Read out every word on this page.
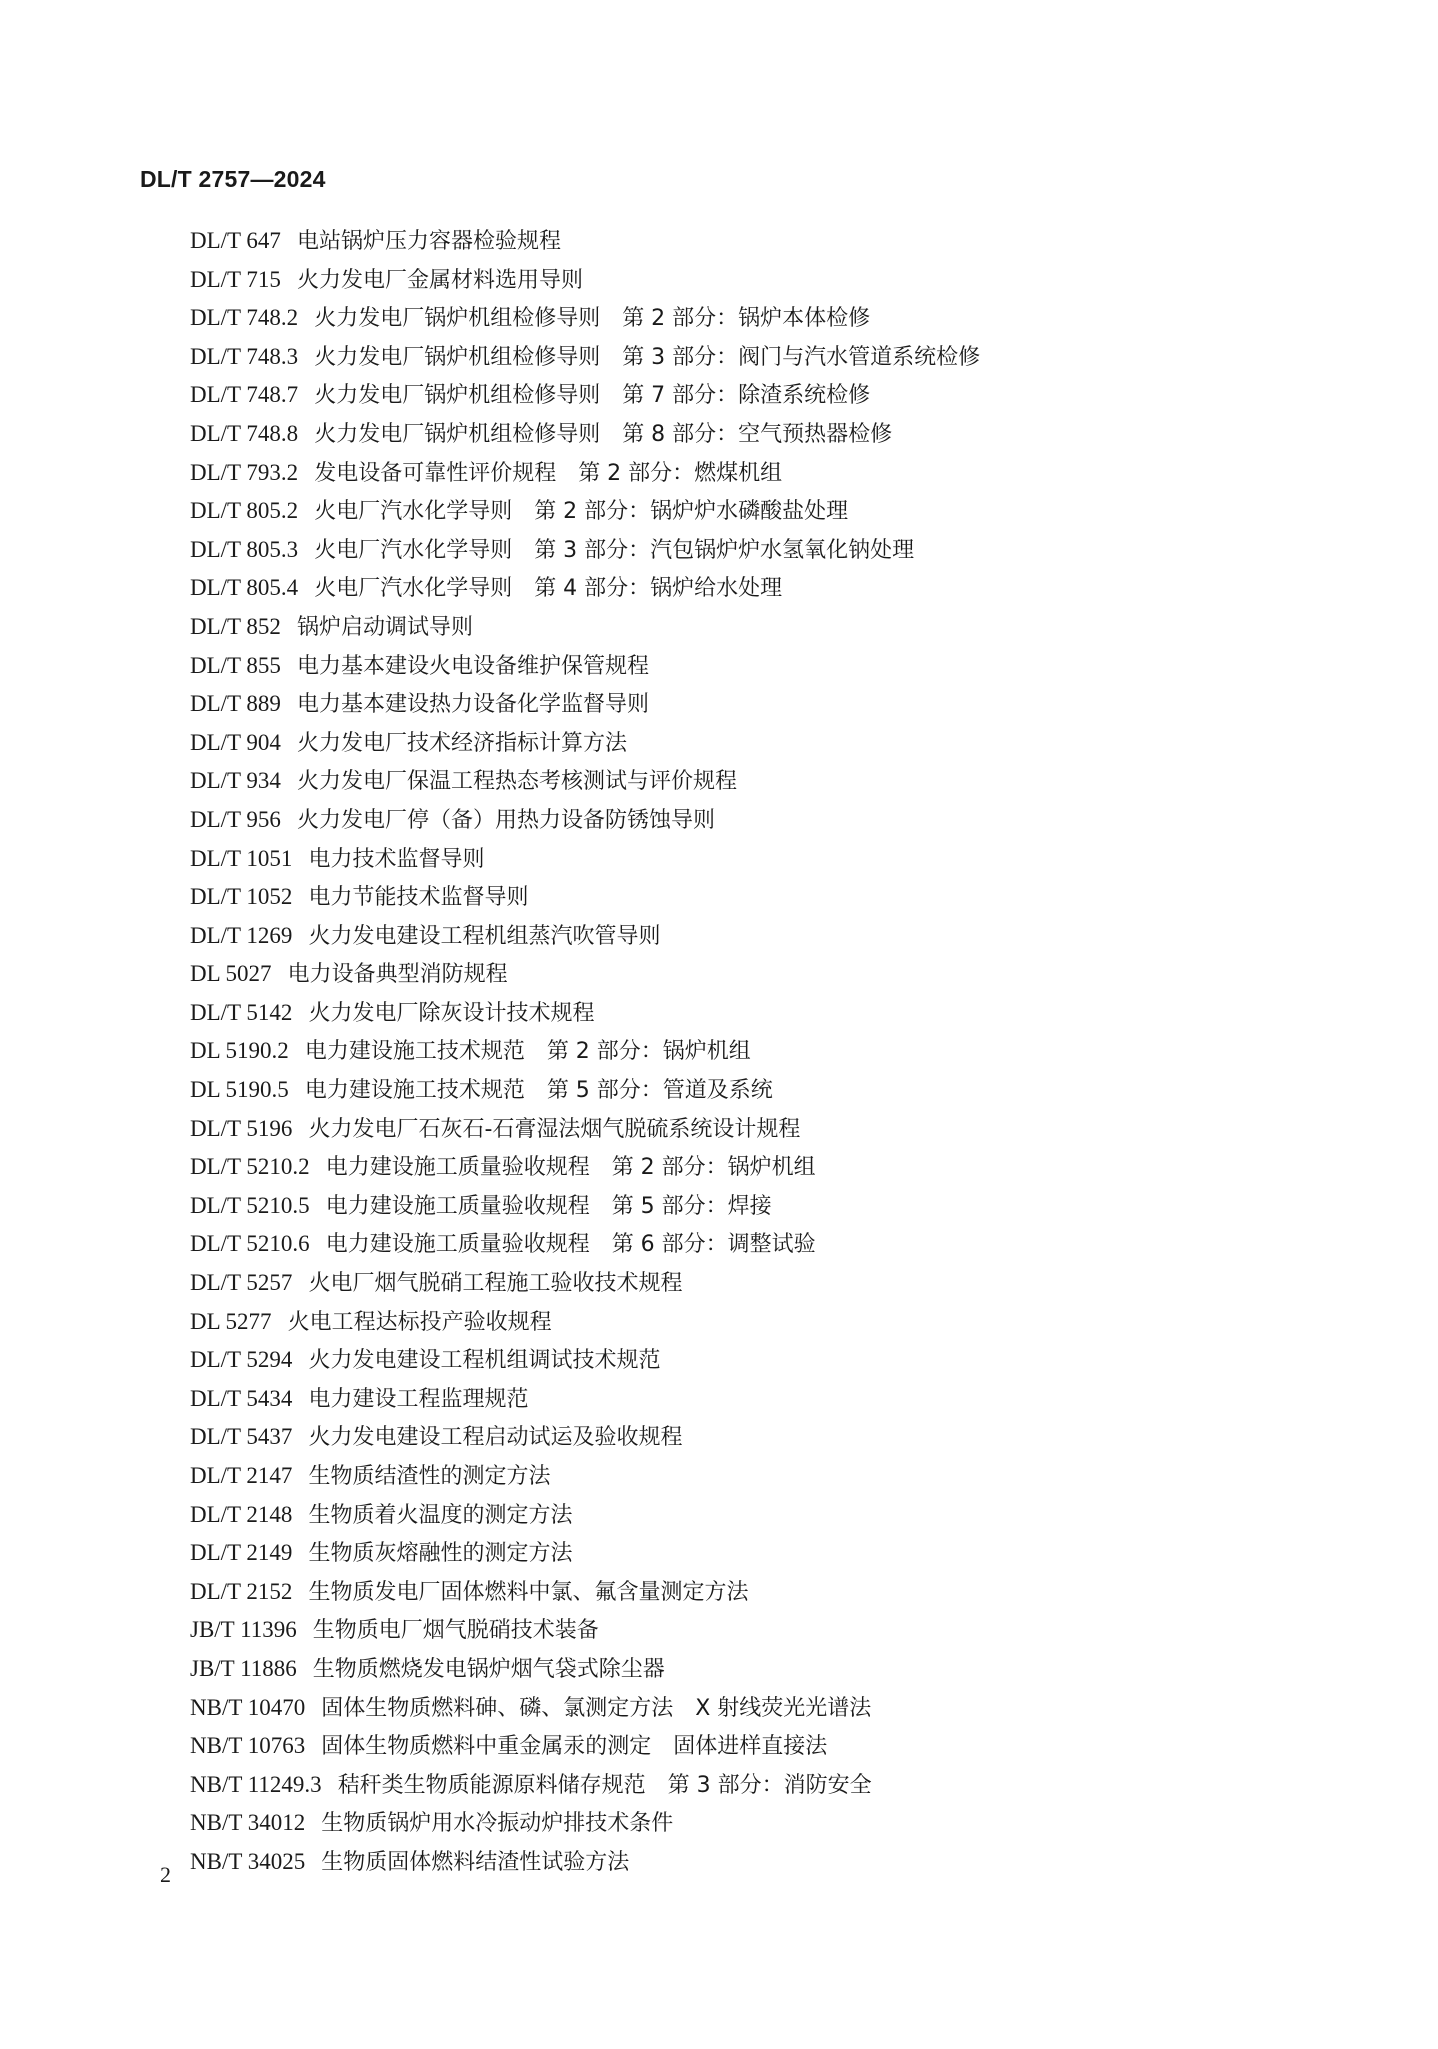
DL/T 2757—2024
DL/T 647 电站锅炉压力容器检验规程
DL/T 715 火力发电厂金属材料选用导则
DL/T 748.2 火力发电厂锅炉机组检修导则　第 2 部分：锅炉本体检修
DL/T 748.3 火力发电厂锅炉机组检修导则　第 3 部分：阀门与汽水管道系统检修
DL/T 748.7 火力发电厂锅炉机组检修导则　第 7 部分：除渣系统检修
DL/T 748.8 火力发电厂锅炉机组检修导则　第 8 部分：空气预热器检修
DL/T 793.2 发电设备可靠性评价规程　第 2 部分：燃煤机组
DL/T 805.2 火电厂汽水化学导则　第 2 部分：锅炉炉水磷酸盐处理
DL/T 805.3 火电厂汽水化学导则　第 3 部分：汽包锅炉炉水氢氧化钠处理
DL/T 805.4 火电厂汽水化学导则　第 4 部分：锅炉给水处理
DL/T 852 锅炉启动调试导则
DL/T 855 电力基本建设火电设备维护保管规程
DL/T 889 电力基本建设热力设备化学监督导则
DL/T 904 火力发电厂技术经济指标计算方法
DL/T 934 火力发电厂保温工程热态考核测试与评价规程
DL/T 956 火力发电厂停（备）用热力设备防锈蚀导则
DL/T 1051 电力技术监督导则
DL/T 1052 电力节能技术监督导则
DL/T 1269 火力发电建设工程机组蒸汽吹管导则
DL 5027 电力设备典型消防规程
DL/T 5142 火力发电厂除灰设计技术规程
DL 5190.2 电力建设施工技术规范　第 2 部分：锅炉机组
DL 5190.5 电力建设施工技术规范　第 5 部分：管道及系统
DL/T 5196 火力发电厂石灰石-石膏湿法烟气脱硫系统设计规程
DL/T 5210.2 电力建设施工质量验收规程　第 2 部分：锅炉机组
DL/T 5210.5 电力建设施工质量验收规程　第 5 部分：焊接
DL/T 5210.6 电力建设施工质量验收规程　第 6 部分：调整试验
DL/T 5257 火电厂烟气脱硝工程施工验收技术规程
DL 5277 火电工程达标投产验收规程
DL/T 5294 火力发电建设工程机组调试技术规范
DL/T 5434 电力建设工程监理规范
DL/T 5437 火力发电建设工程启动试运及验收规程
DL/T 2147 生物质结渣性的测定方法
DL/T 2148 生物质着火温度的测定方法
DL/T 2149 生物质灰熔融性的测定方法
DL/T 2152 生物质发电厂固体燃料中氯、氟含量测定方法
JB/T 11396 生物质电厂烟气脱硝技术装备
JB/T 11886 生物质燃烧发电锅炉烟气袋式除尘器
NB/T 10470 固体生物质燃料砷、磷、氯测定方法　X 射线荧光光谱法
NB/T 10763 固体生物质燃料中重金属汞的测定　固体进样直接法
NB/T 11249.3 秸秆类生物质能源原料储存规范　第 3 部分：消防安全
NB/T 34012 生物质锅炉用水冷振动炉排技术条件
NB/T 34025 生物质固体燃料结渣性试验方法
2
